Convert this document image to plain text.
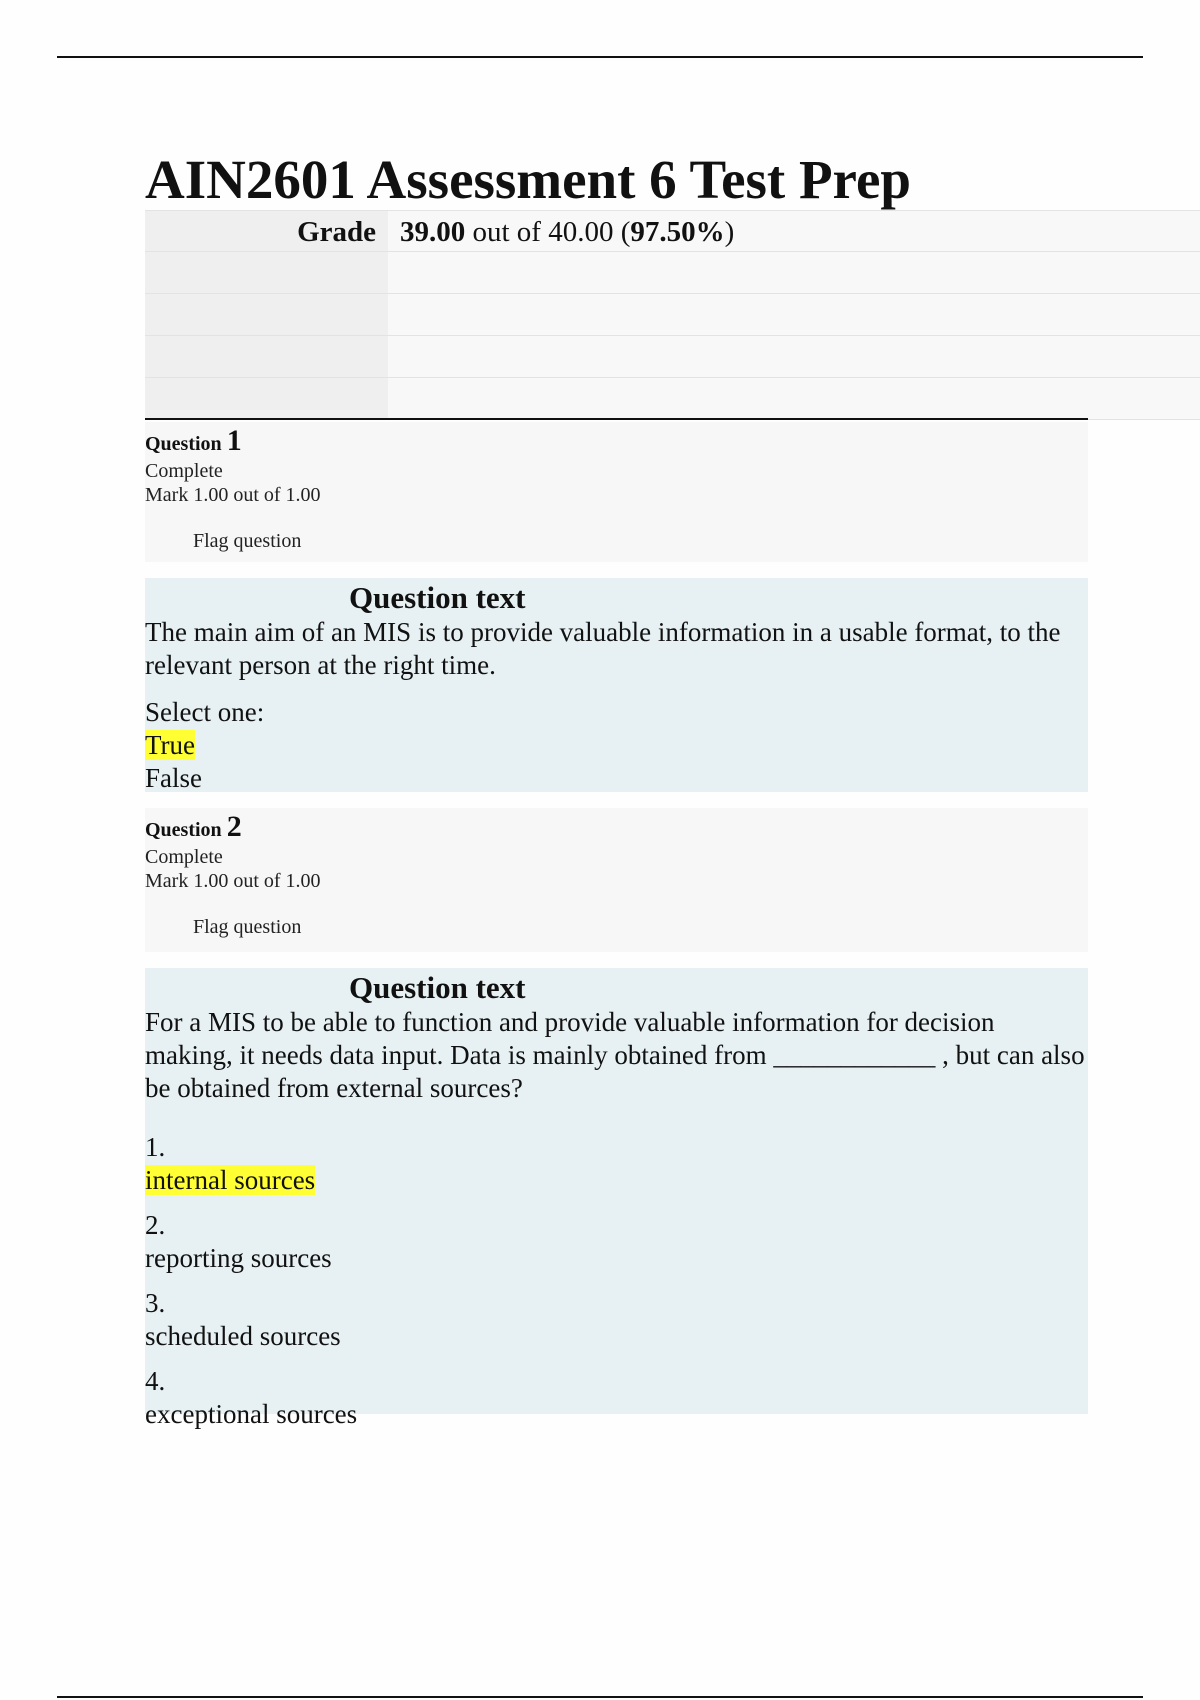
AIN2601 Assessment 6 Test Prep
Grade 39.00 out of 40.00 (97.50%)
Question 1
Complete
Mark 1.00 out of 1.00
Flag question
Question text
The main aim of an MIS is to provide valuable information in a usable format, to the relevant person at the right time.
Select one:
True
False
Question 2
Complete
Mark 1.00 out of 1.00
Flag question
Question text
For a MIS to be able to function and provide valuable information for decision making, it needs data input. Data is mainly obtained from ____________ , but can also be obtained from external sources?
1.
internal sources
2.
reporting sources
3.
scheduled sources
4.
exceptional sources
